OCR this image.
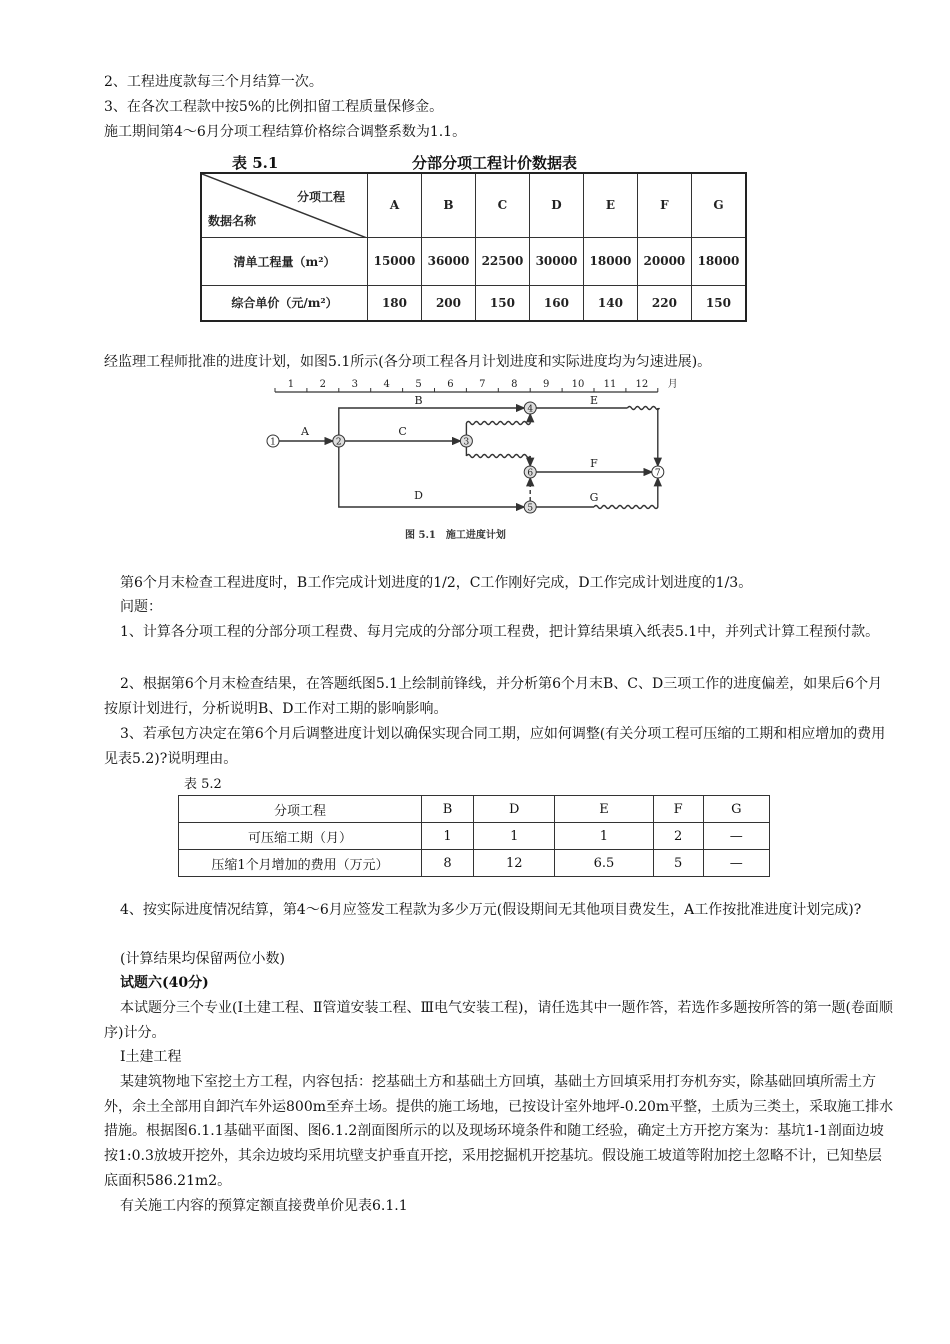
2、工程进度款每三个月结算一次。

3、在各次工程款中按5%的比例扣留工程质量保修金。

施工期间第4～6月分项工程结算价格综合调整系数为1.1。

表 5.1	分部分项工程计价数据表
分项工程
数据名称	A	B	C	D	E	F	G
清单工程量（m²）	15000	36000	22500	30000	18000	20000	18000
综合单价（元/m²）	180	200	150	160	140	220	150

经监理工程师批准的进度计划，如图5.1所示(各分项工程各月计划进度和实际进度均为匀速进展)。

1	2	3	4	5	6	7	8	9 10 11 12 月
1	2	3
4
5
6	7
A
B
C
D
E
F
G
图 5.1　施工进度计划

第6个月末检查工程进度时，B工作完成计划进度的1/2，C工作刚好完成，D工作完成计划进度的1/3。

问题：

1、计算各分项工程的分部分项工程费、每月完成的分部分项工程费，把计算结果填入纸表5.1中，并列式计算工程预付款。

2、根据第6个月末检查结果，在答题纸图5.1上绘制前锋线，并分析第6个月末B、C、D三项工作的进度偏差，如果后6个月按原计划进行，分析说明B、D工作对工期的影响影响。

3、若承包方决定在第6个月后调整进度计划以确保实现合同工期，应如何调整(有关分项工程可压缩的工期和相应增加的费用见表5.2)?说明理由。

表 5.2
分项工程	B	D	E	F	G
可压缩工期（月）	1	1	1	2	—
压缩1个月增加的费用（万元）	8	12	6.5	5	—

4、按实际进度情况结算，第4～6月应签发工程款为多少万元(假设期间无其他项目费发生，A工作按批准进度计划完成)?

(计算结果均保留两位小数)

试题六(40分)

本试题分三个专业(Ⅰ土建工程、Ⅱ管道安装工程、Ⅲ电气安装工程)，请任选其中一题作答，若选作多题按所答的第一题(卷面顺序)计分。

Ⅰ土建工程

某建筑物地下室挖土方工程，内容包括：挖基础土方和基础土方回填，基础土方回填采用打夯机夯实，除基础回填所需土方外，余土全部用自卸汽车外运800m至弃土场。提供的施工场地，已按设计室外地坪-0.20m平整，土质为三类土，采取施工排水措施。根据图6.1.1基础平面图、图6.1.2剖面图所示的以及现场环境条件和随工经验，确定土方开挖方案为：基坑1-1剖面边坡按1:0.3放坡开挖外，其余边坡均采用坑壁支护垂直开挖，采用挖掘机开挖基坑。假设施工坡道等附加挖土忽略不计，已知垫层底面积586.21m2。

有关施工内容的预算定额直接费单价见表6.1.1
